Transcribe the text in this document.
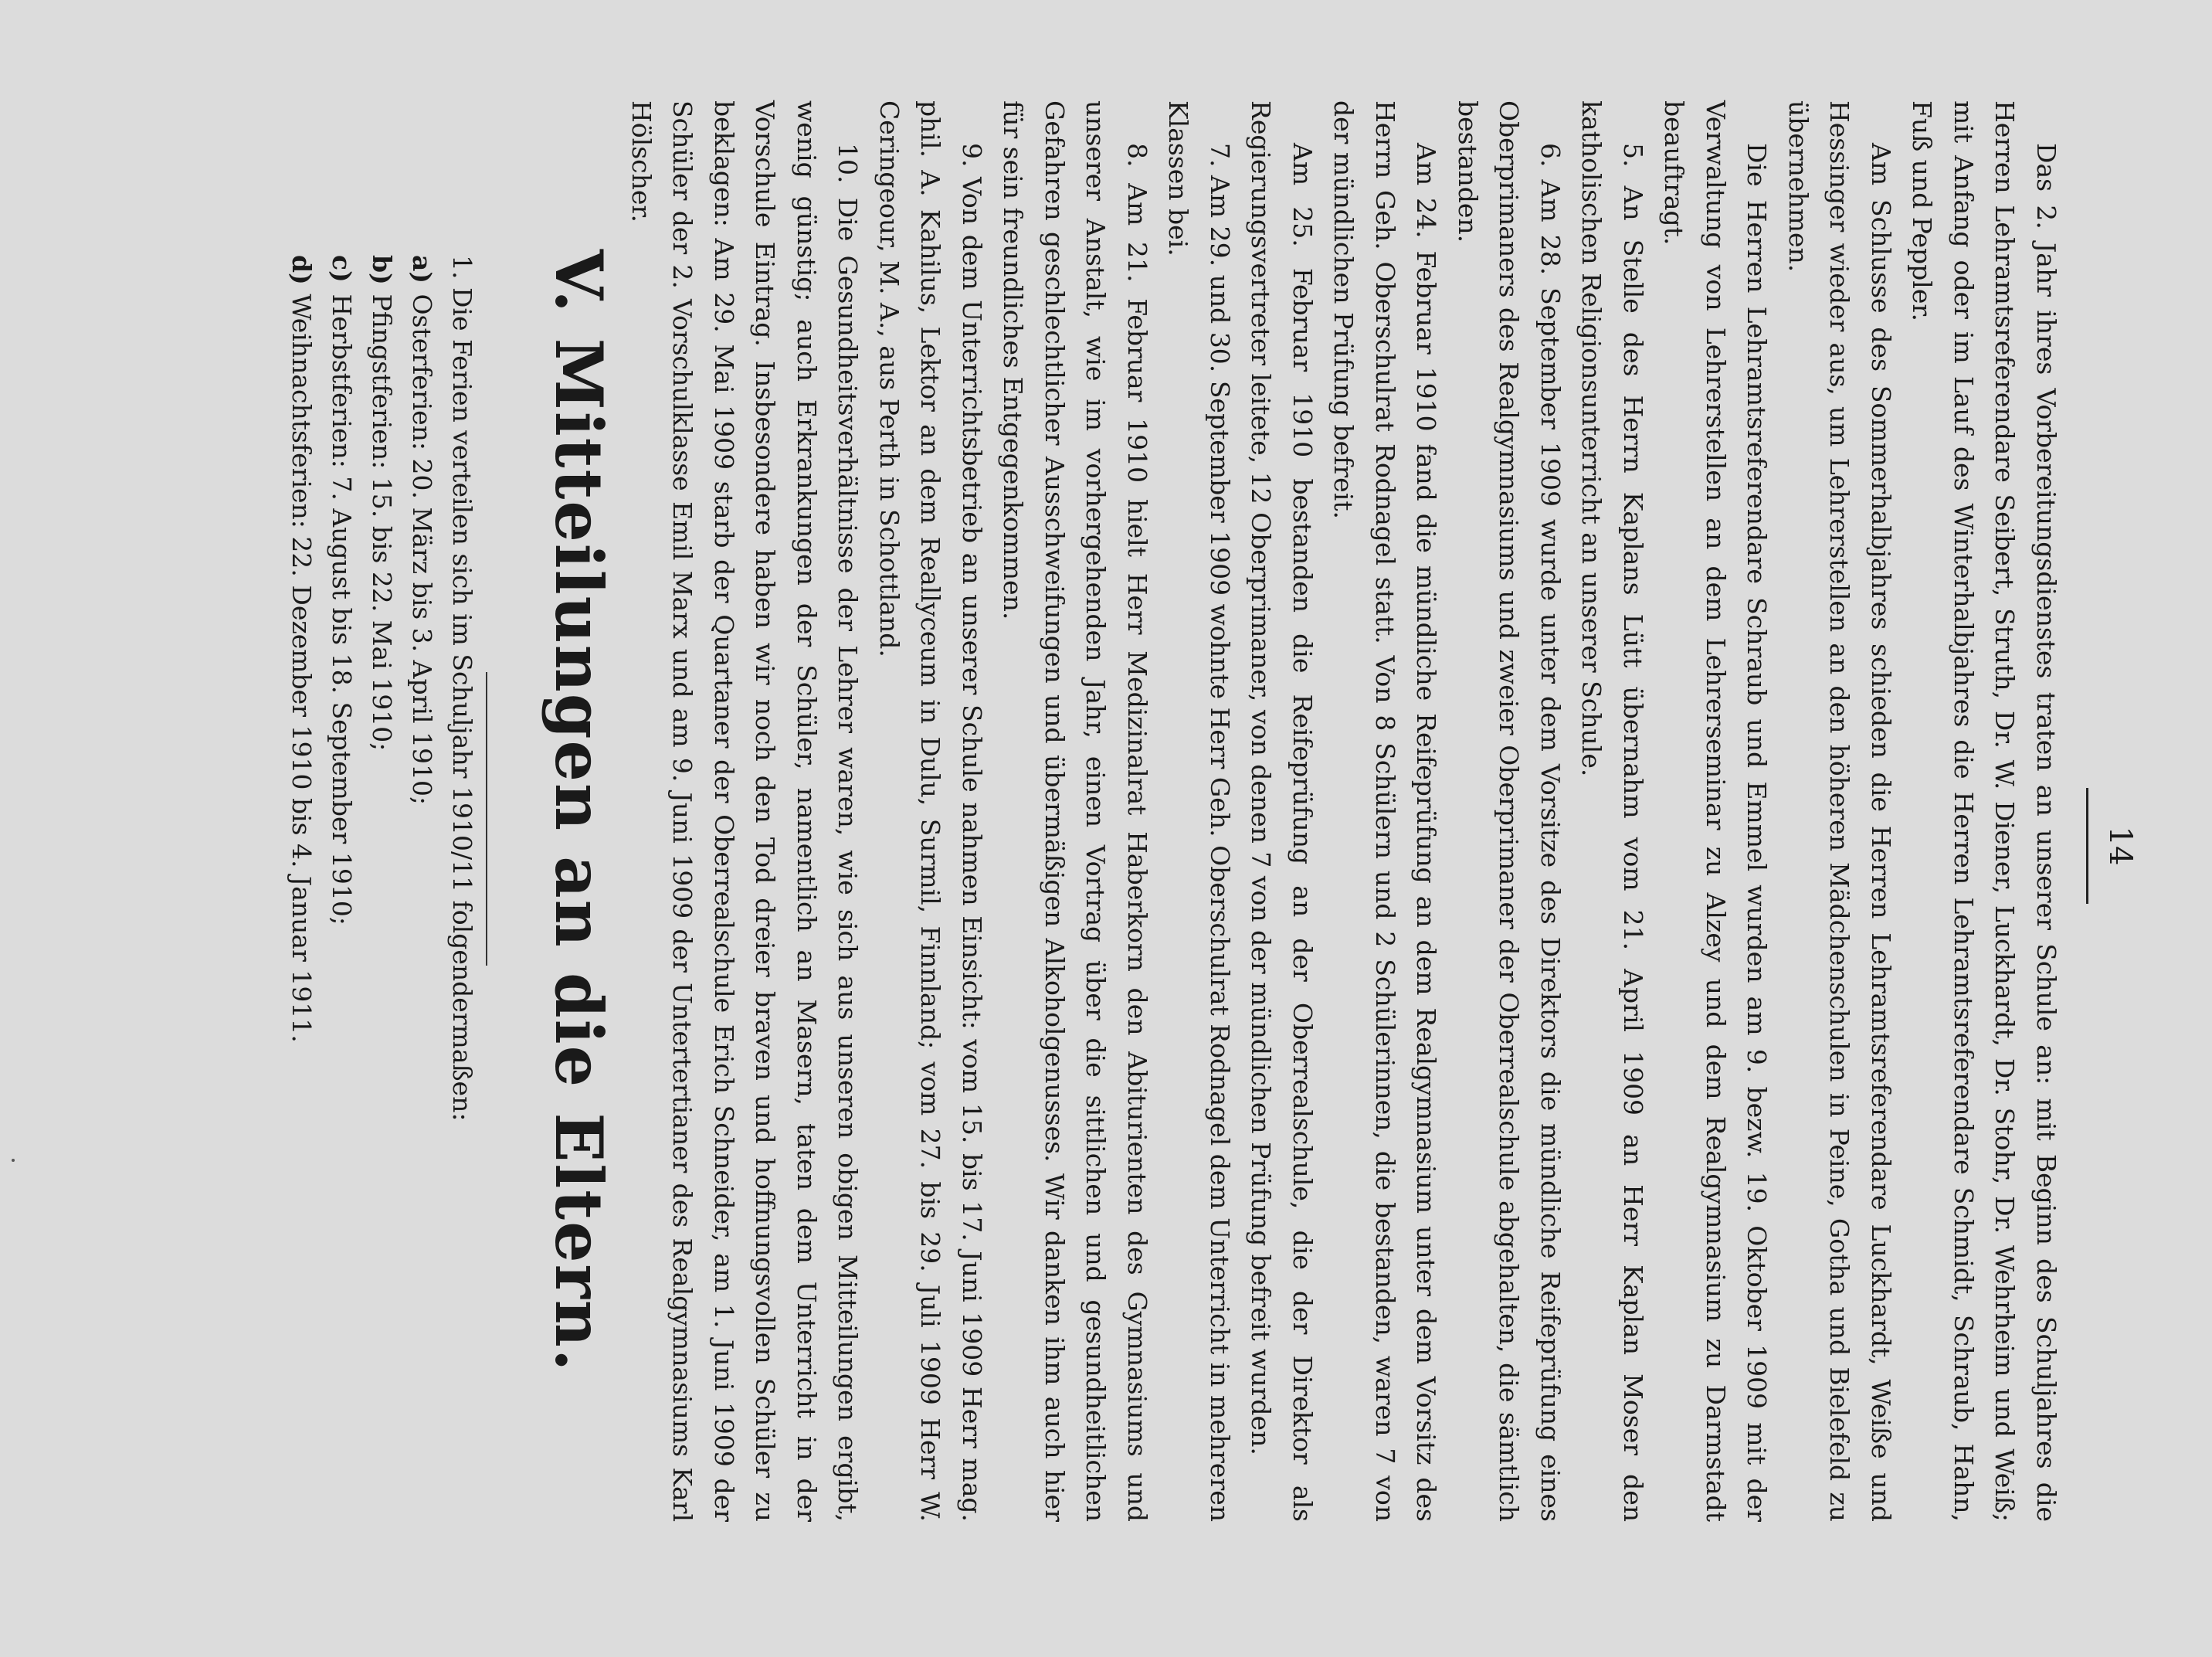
14

Das 2. Jahr ihres Vorbereitungsdienstes traten an unserer Schule an: mit Beginn des Schuljahres die Herren Lehramtsreferendare Seibert, Struth, Dr. W. Diener, Luckhardt, Dr. Stohr, Dr. Wehrheim und Weiß; mit Anfang oder im Lauf des Winterhalbjahres die Herren Lehramtsreferendare Schmidt, Schraub, Hahn, Fuß und Peppler.

Am Schlusse des Sommerhalbjahres schieden die Herren Lehramtsreferendare Luckhardt, Weiße und Hessinger wieder aus, um Lehrerstellen an den höheren Mädchenschulen in Peine, Gotha und Bielefeld zu übernehmen.

Die Herren Lehramtsreferendare Schraub und Emmel wurden am 9. bezw. 19. Oktober 1909 mit der Verwaltung von Lehrerstellen an dem Lehrerseminar zu Alzey und dem Realgymnasium zu Darmstadt beauftragt.

5. An Stelle des Herrn Kaplans Lütt übernahm vom 21. April 1909 an Herr Kaplan Moser den katholischen Religionsunterricht an unserer Schule.

6. Am 28. September 1909 wurde unter dem Vorsitze des Direktors die mündliche Reifeprüfung eines Oberprimaners des Realgymnasiums und zweier Oberprimaner der Oberrealschule abgehalten, die sämtlich bestanden.

Am 24. Februar 1910 fand die mündliche Reifeprüfung an dem Realgymnasium unter dem Vorsitz des Herrn Geh. Oberschulrat Rodnagel statt. Von 8 Schülern und 2 Schülerinnen, die bestanden, waren 7 von der mündlichen Prüfung befreit.

Am 25. Februar 1910 bestanden die Reifeprüfung an der Oberrealschule, die der Direktor als Regierungsvertreter leitete, 12 Oberprimaner, von denen 7 von der mündlichen Prüfung befreit wurden.

7. Am 29. und 30. September 1909 wohnte Herr Geh. Oberschulrat Rodnagel dem Unterricht in mehreren Klassen bei.

8. Am 21. Februar 1910 hielt Herr Medizinalrat Haberkorn den Abiturienten des Gymnasiums und unserer Anstalt, wie im vorhergehenden Jahr, einen Vortrag über die sittlichen und gesundheitlichen Gefahren geschlechtlicher Ausschweifungen und übermäßigen Alkoholgenusses. Wir danken ihm auch hier für sein freundliches Entgegenkommen.

9. Von dem Unterrichtsbetrieb an unserer Schule nahmen Einsicht: vom 15. bis 17. Juni 1909 Herr mag. phil. A. Kahilus, Lektor an dem Reallyceum in Dulu, Surmil, Finnland; vom 27. bis 29. Juli 1909 Herr W. Ceringeour, M. A., aus Perth in Schottland.

10. Die Gesundheitsverhältnisse der Lehrer waren, wie sich aus unseren obigen Mitteilungen ergibt, wenig günstig; auch Erkrankungen der Schüler, namentlich an Masern, taten dem Unterricht in der Vorschule Eintrag. Insbesondere haben wir noch den Tod dreier braven und hoffnungsvollen Schüler zu beklagen: Am 29. Mai 1909 starb der Quartaner der Oberrealschule Erich Schneider, am 1. Juni 1909 der Schüler der 2. Vorschulklasse Emil Marx und am 9. Juni 1909 der Untertertianer des Realgymnasiums Karl Hölscher.

V. Mitteilungen an die Eltern.

1. Die Ferien verteilen sich im Schuljahr 1910/11 folgendermaßen:

a) Osterferien: 20. März bis 3. April 1910;
b) Pfingstferien: 15. bis 22. Mai 1910;
c) Herbstferien: 7. August bis 18. September 1910;
d) Weihnachtsferien: 22. Dezember 1910 bis 4. Januar 1911.
